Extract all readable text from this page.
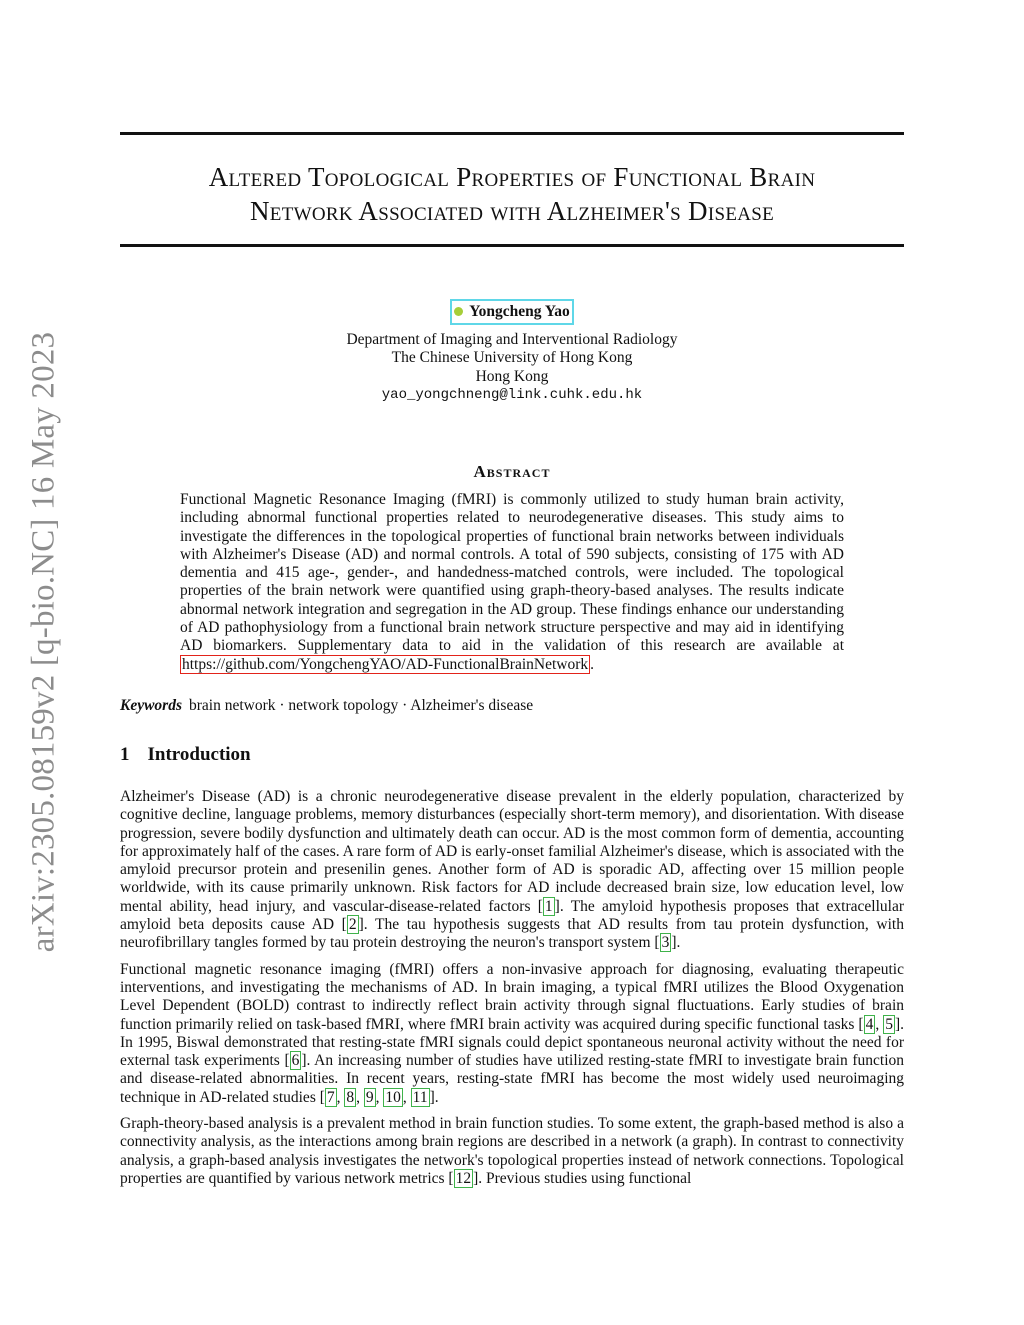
arXiv:2305.08159v2 [q-bio.NC] 16 May 2023
Altered Topological Properties of Functional Brain
Network Associated with Alzheimer's Disease
Yongcheng Yao
Department of Imaging and Interventional Radiology
The Chinese University of Hong Kong
Hong Kong
yao_yongchneng@link.cuhk.edu.hk
Abstract
Functional Magnetic Resonance Imaging (fMRI) is commonly utilized to study human brain activity, including abnormal functional properties related to neurodegenerative diseases. This study aims to investigate the differences in the topological properties of functional brain networks between individuals with Alzheimer's Disease (AD) and normal controls. A total of 590 subjects, consisting of 175 with AD dementia and 415 age-, gender-, and handedness-matched controls, were included. The topological properties of the brain network were quantified using graph-theory-based analyses. The results indicate abnormal network integration and segregation in the AD group. These findings enhance our understanding of AD pathophysiology from a functional brain network structure perspective and may aid in identifying AD biomarkers. Supplementary data to aid in the validation of this research are available at https://github.com/YongchengYAO/AD-FunctionalBrainNetwork .
Keywords brain network · network topology · Alzheimer's disease
1 Introduction

Alzheimer's Disease (AD) is a chronic neurodegenerative disease prevalent in the elderly population, characterized by cognitive decline, language problems, memory disturbances (especially short-term memory), and disorientation. With disease progression, severe bodily dysfunction and ultimately death can occur. AD is the most common form of dementia, accounting for approximately half of the cases. A rare form of AD is early-onset familial Alzheimer's disease, which is associated with the amyloid precursor protein and presenilin genes. Another form of AD is sporadic AD, affecting over 15 million people worldwide, with its cause primarily unknown. Risk factors for AD include decreased brain size, low education level, low mental ability, head injury, and vascular-disease-related factors [ 1 ]. The amyloid hypothesis proposes that extracellular amyloid beta deposits cause AD [ 2 ]. The tau hypothesis suggests that AD results from tau protein dysfunction, with neurofibrillary tangles formed by tau protein destroying the neuron's transport system [ 3 ].

Functional magnetic resonance imaging (fMRI) offers a non-invasive approach for diagnosing, evaluating therapeutic interventions, and investigating the mechanisms of AD. In brain imaging, a typical fMRI utilizes the Blood Oxygenation Level Dependent (BOLD) contrast to indirectly reflect brain activity through signal fluctuations. Early studies of brain function primarily relied on task-based fMRI, where fMRI brain activity was acquired during specific functional tasks [ 4 , 5 ]. In 1995, Biswal demonstrated that resting-state fMRI signals could depict spontaneous neuronal activity without the need for external task experiments [ 6 ]. An increasing number of studies have utilized resting-state fMRI to investigate brain function and disease-related abnormalities. In recent years, resting-state fMRI has become the most widely used neuroimaging technique in AD-related studies [ 7 , 8 , 9 , 10 , 11 ].

Graph-theory-based analysis is a prevalent method in brain function studies. To some extent, the graph-based method is also a connectivity analysis, as the interactions among brain regions are described in a network (a graph). In contrast to connectivity analysis, a graph-based analysis investigates the network's topological properties instead of network connections. Topological properties are quantified by various network metrics [ 12 ]. Previous studies using functional
